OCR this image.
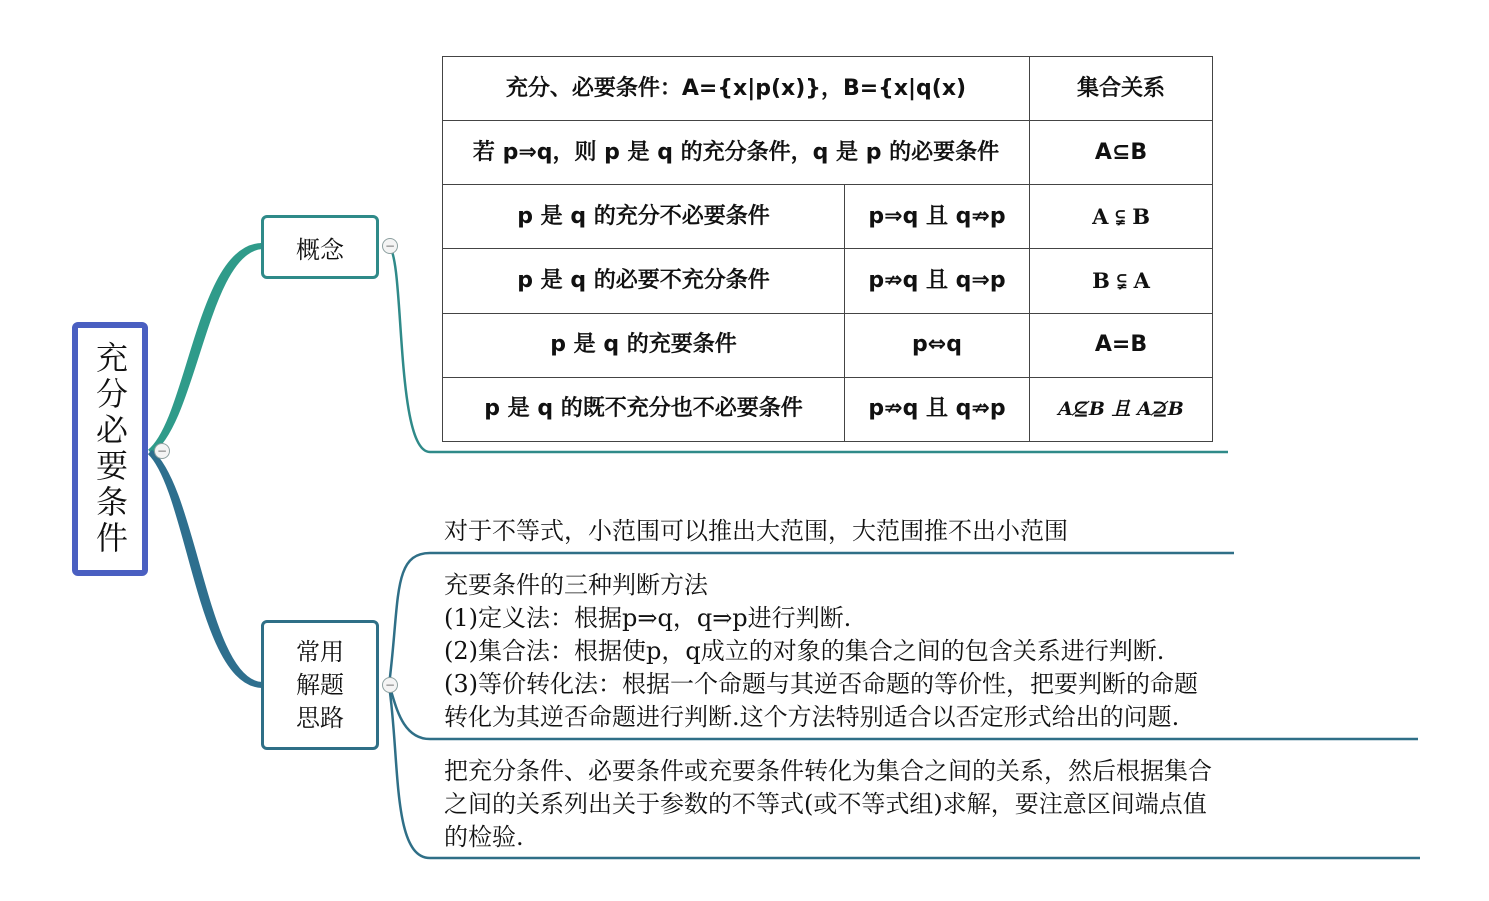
充分必要条件	−
概念	−
常用
解题
思路
−
充分、必要条件：A={x|p(x)}，B={x|q(x)		集合关系
若 p⇒q，则 p 是 q 的充分条件，q 是 p 的必要条件		A⊆B
p 是 q 的充分不必要条件	p⇒q 且 q⇏p	A ⫋ B
p 是 q 的必要不充分条件	p⇏q 且 q⇒p	B ⫋ A
p 是 q 的充要条件	p⇔q	A=B
p 是 q 的既不充分也不必要条件	p⇏q 且 q⇏p	A⊈B 且 A⊉B
对于不等式，小范围可以推出大范围，大范围推不出小范围
充要条件的三种判断方法
(1)定义法：根据p⇒q，q⇒p进行判断.
(2)集合法：根据使p，q成立的对象的集合之间的包含关系进行判断.
(3)等价转化法：根据一个命题与其逆否命题的等价性，把要判断的命题
转化为其逆否命题进行判断.这个方法特别适合以否定形式给出的问题.
把充分条件、必要条件或充要条件转化为集合之间的关系，然后根据集合
之间的关系列出关于参数的不等式(或不等式组)求解，要注意区间端点值
的检验.
